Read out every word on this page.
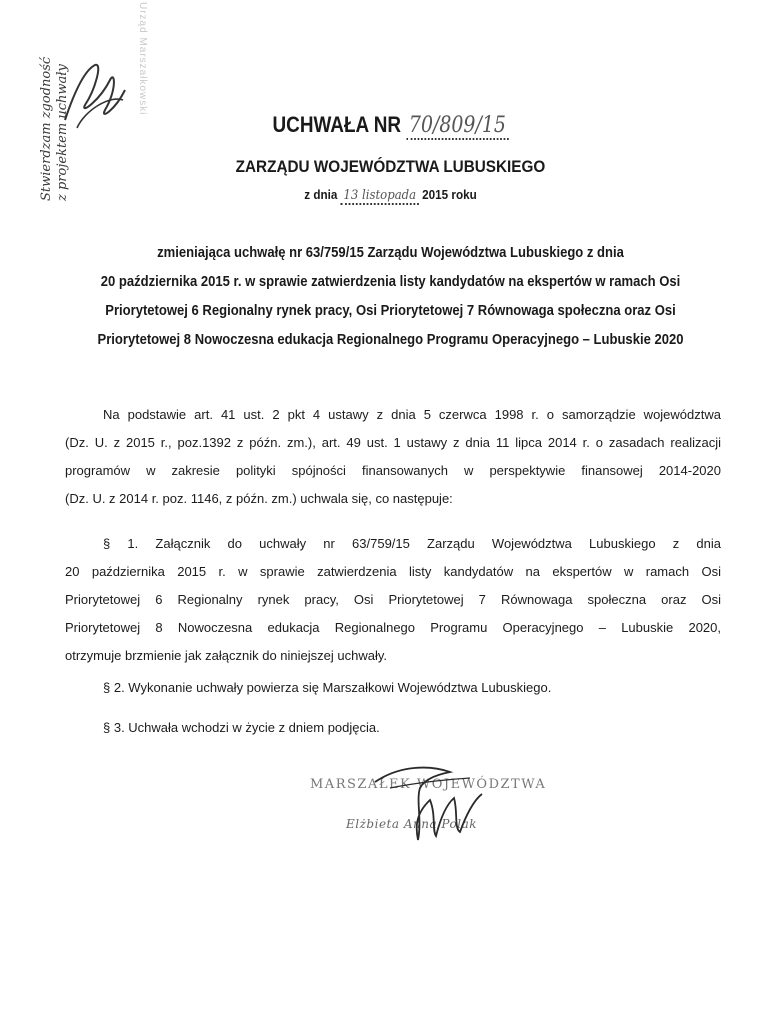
Stwierdzam zgodność z projektem uchwały
Urząd Marszałkowski
UCHWAŁA NR 70/809/15
ZARZĄDU WOJEWÓDZTWA LUBUSKIEGO
z dnia 13 listopada 2015 roku
zmieniająca uchwałę nr 63/759/15 Zarządu Województwa Lubuskiego z dnia
20 października 2015 r. w sprawie zatwierdzenia listy kandydatów na ekspertów w ramach Osi
Priorytetowej 6 Regionalny rynek pracy, Osi Priorytetowej 7 Równowaga społeczna oraz Osi
Priorytetowej 8 Nowoczesna edukacja Regionalnego Programu Operacyjnego – Lubuskie 2020
Na podstawie art. 41 ust. 2 pkt 4 ustawy z dnia 5 czerwca 1998 r. o samorządzie województwa
(Dz. U. z 2015 r., poz.1392 z późn. zm.), art. 49 ust. 1 ustawy z dnia 11 lipca 2014 r. o zasadach realizacji
programów w zakresie polityki spójności finansowanych w perspektywie finansowej 2014-2020
(Dz. U. z 2014 r. poz. 1146, z późn. zm.) uchwala się, co następuje:
§ 1. Załącznik do uchwały nr 63/759/15 Zarządu Województwa Lubuskiego z dnia
20 października 2015 r. w sprawie zatwierdzenia listy kandydatów na ekspertów w ramach Osi
Priorytetowej 6 Regionalny rynek pracy, Osi Priorytetowej 7 Równowaga społeczna oraz Osi
Priorytetowej 8 Nowoczesna edukacja Regionalnego Programu Operacyjnego – Lubuskie 2020,
otrzymuje brzmienie jak załącznik do niniejszej uchwały.
§ 2. Wykonanie uchwały powierza się Marszałkowi Województwa Lubuskiego.
§ 3. Uchwała wchodzi w życie z dniem podjęcia.
MARSZAŁEK WOJEWÓDZTWA
Elżbieta Anna Polak
